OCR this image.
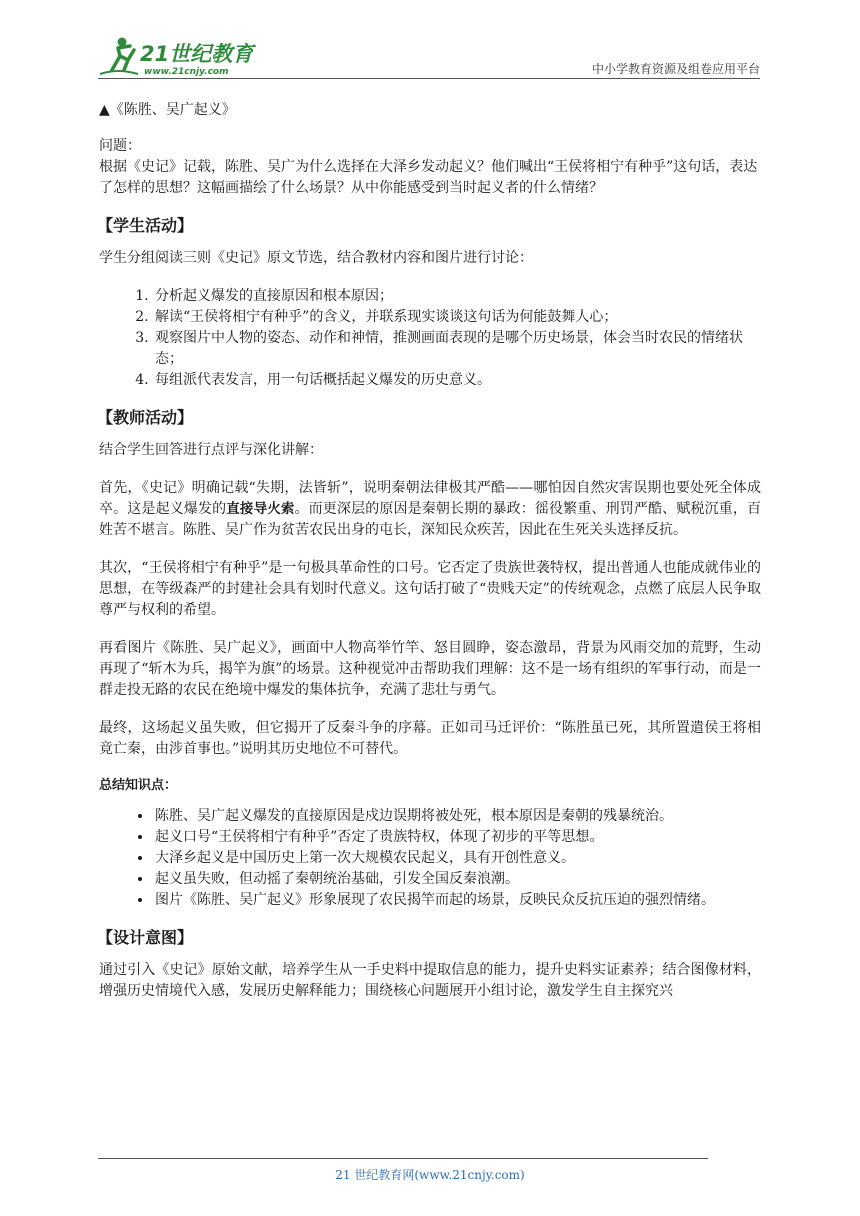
21世纪教育
www.21cnjy.com	中小学教育资源及组卷应用平台

▲《陈胜、吴广起义》

问题：

根据《史记》记载，陈胜、吴广为什么选择在大泽乡发动起义？他们喊出“王侯将相宁有种乎”这句话，表达了怎样的思想？这幅画描绘了什么场景？从中你能感受到当时起义者的什么情绪？

【学生活动】

学生分组阅读三则《史记》原文节选，结合教材内容和图片进行讨论：

1. 分析起义爆发的直接原因和根本原因；
2. 解读“王侯将相宁有种乎”的含义，并联系现实谈谈这句话为何能鼓舞人心；
3. 观察图片中人物的姿态、动作和神情，推测画面表现的是哪个历史场景，体会当时农民的情绪状态；
4. 每组派代表发言，用一句话概括起义爆发的历史意义。
【教师活动】

结合学生回答进行点评与深化讲解：

首先，《史记》明确记载“失期，法皆斩”，说明秦朝法律极其严酷——哪怕因自然灾害误期也要处死全体成卒。这是起义爆发的直接导火索。而更深层的原因是秦朝长期的暴政：徭役繁重、刑罚严酷、赋税沉重，百姓苦不堪言。陈胜、吴广作为贫苦农民出身的屯长，深知民众疾苦，因此在生死关头选择反抗。

其次，“王侯将相宁有种乎”是一句极具革命性的口号。它否定了贵族世袭特权，提出普通人也能成就伟业的思想，在等级森严的封建社会具有划时代意义。这句话打破了“贵贱天定”的传统观念，点燃了底层人民争取尊严与权利的希望。

再看图片《陈胜、吴广起义》，画面中人物高举竹竿、怒目圆睁，姿态激昂，背景为风雨交加的荒野，生动再现了“斩木为兵，揭竿为旗”的场景。这种视觉冲击帮助我们理解：这不是一场有组织的军事行动，而是一群走投无路的农民在绝境中爆发的集体抗争，充满了悲壮与勇气。

最终，这场起义虽失败，但它揭开了反秦斗争的序幕。正如司马迁评价：“陈胜虽已死，其所置遣侯王将相竟亡秦，由涉首事也。”说明其历史地位不可替代。

总结知识点：
• 陈胜、吴广起义爆发的直接原因是戍边误期将被处死，根本原因是秦朝的残暴统治。
• 起义口号“王侯将相宁有种乎”否定了贵族特权，体现了初步的平等思想。
• 大泽乡起义是中国历史上第一次大规模农民起义，具有开创性意义。
• 起义虽失败，但动摇了秦朝统治基础，引发全国反秦浪潮。
• 图片《陈胜、吴广起义》形象展现了农民揭竿而起的场景，反映民众反抗压迫的强烈情绪。
【设计意图】

通过引入《史记》原始文献，培养学生从一手史料中提取信息的能力，提升史料实证素养；结合图像材料，增强历史情境代入感，发展历史解释能力；围绕核心问题展开小组讨论，激发学生自主探究兴

21 世纪教育网(www.21cnjy.com)
